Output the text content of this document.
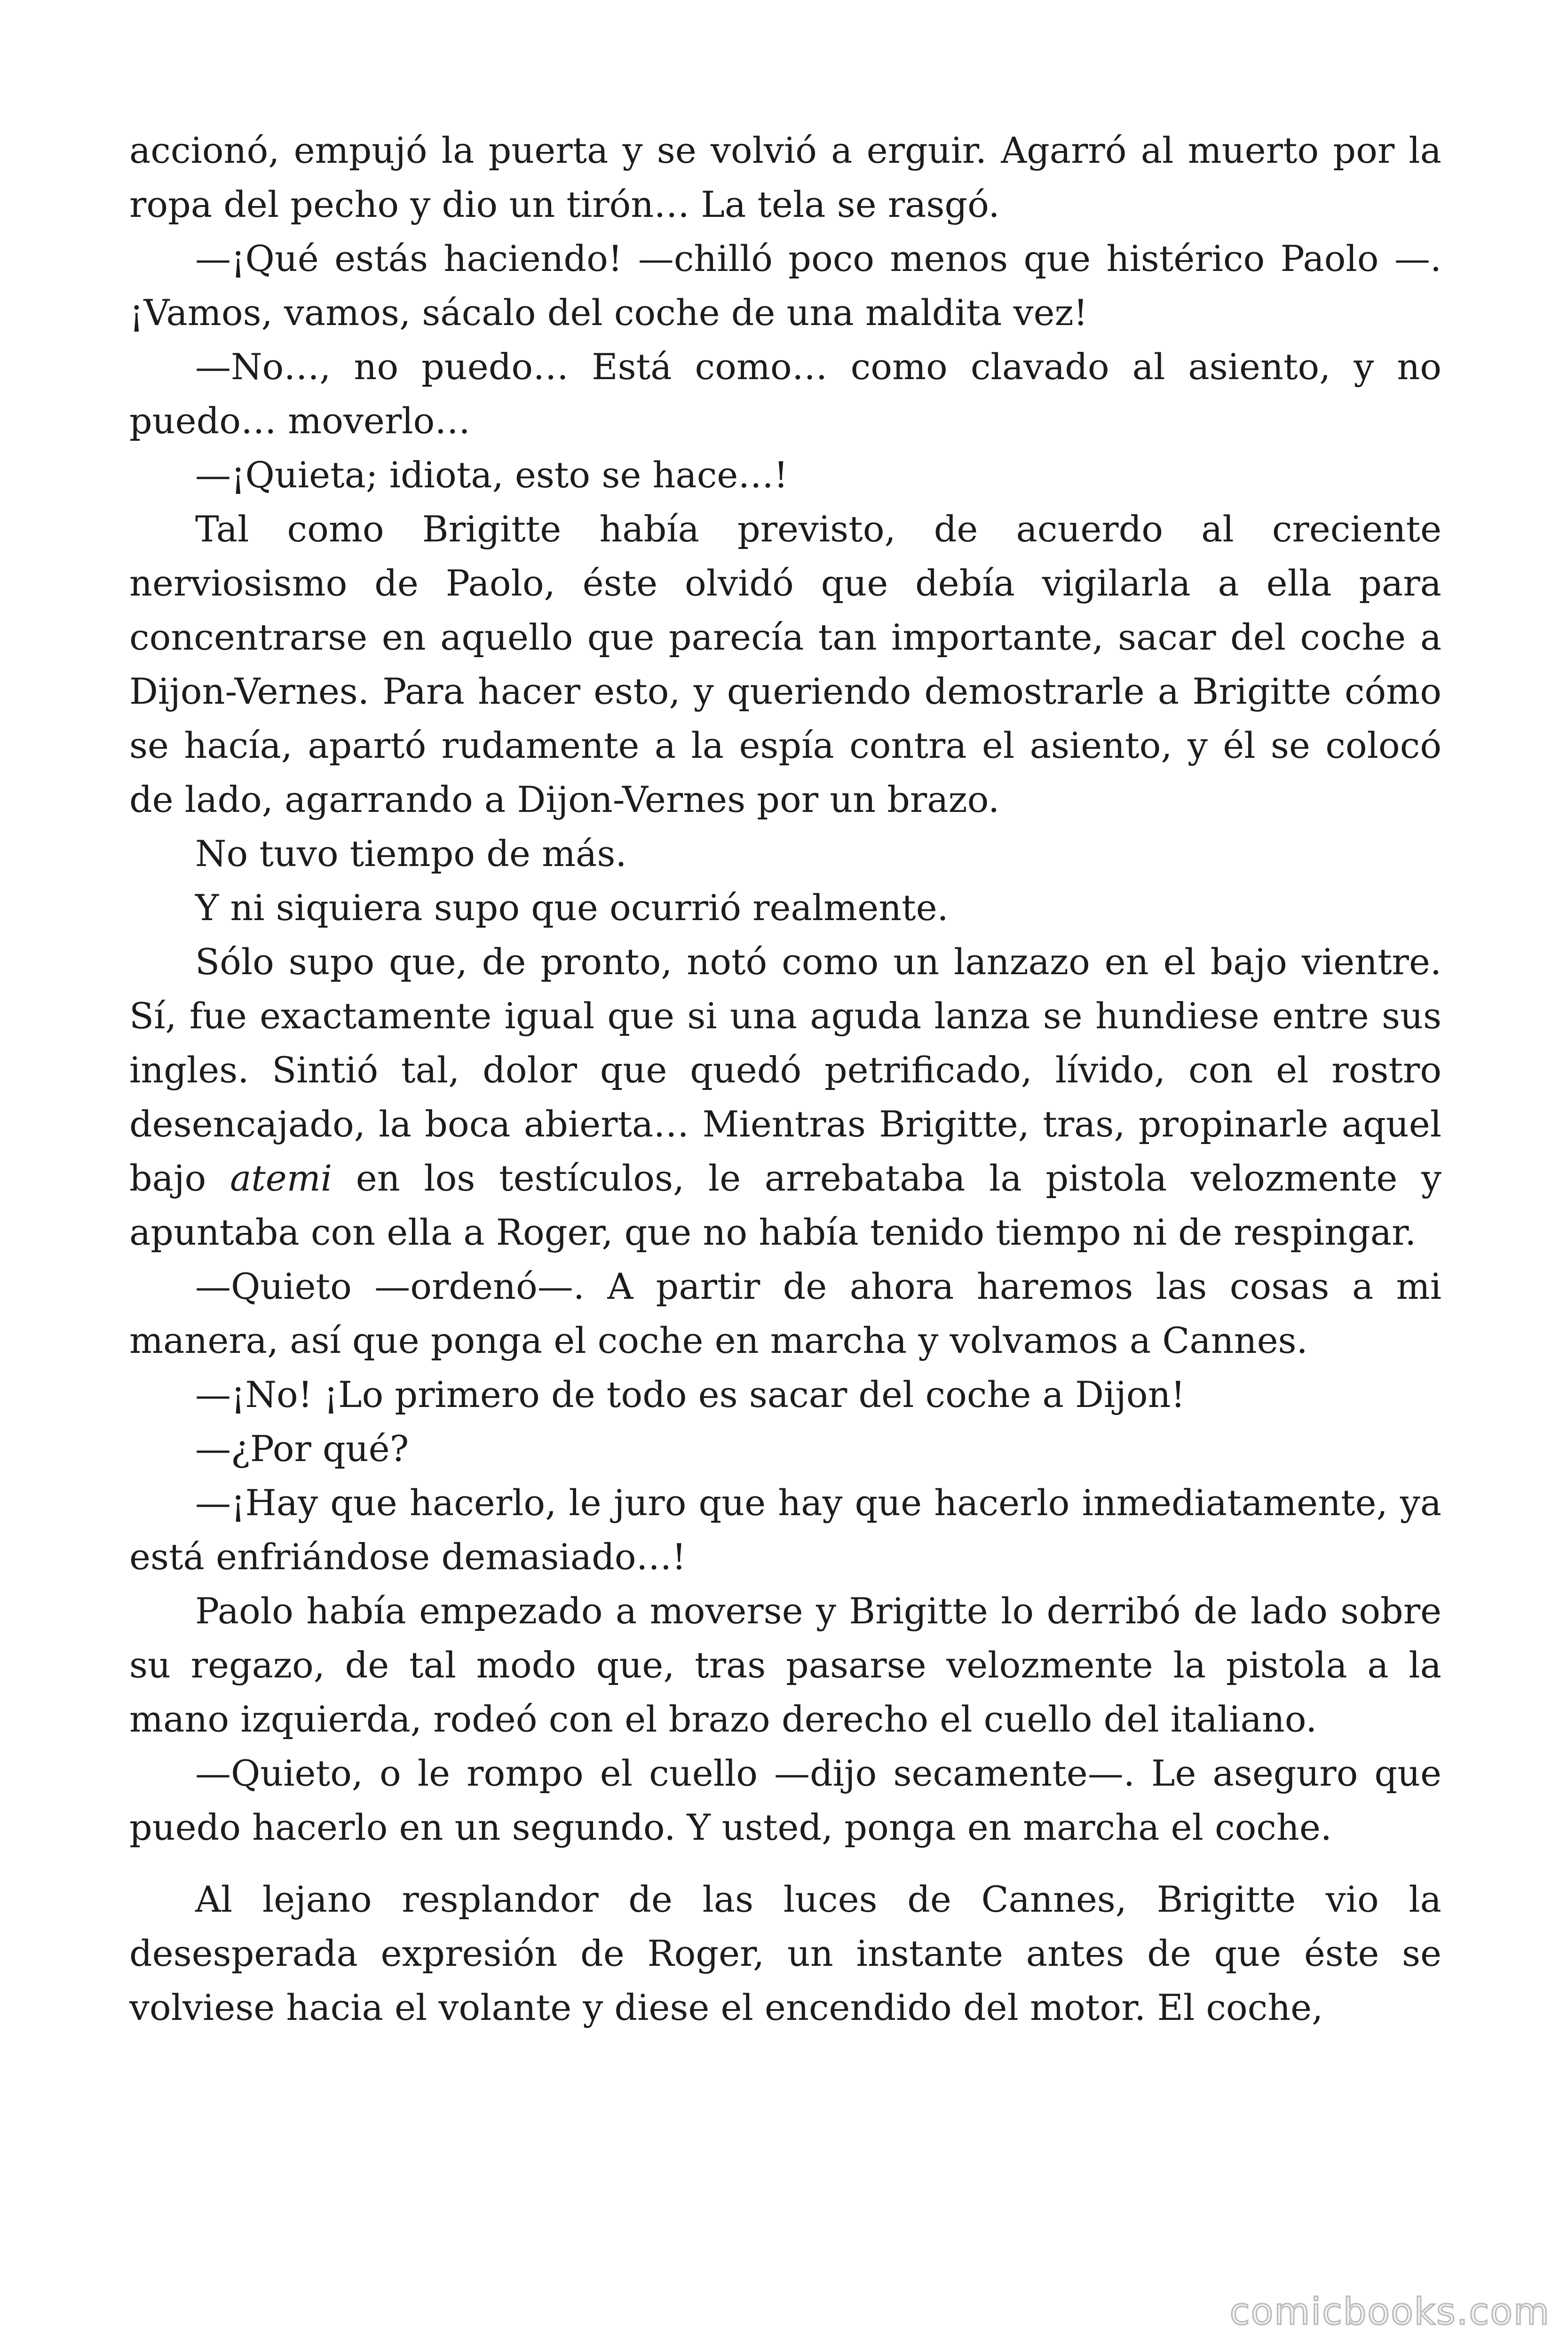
accionó, empujó la puerta y se volvió a erguir. Agarró al muerto por la ropa del pecho y dio un tirón… La tela se rasgó.

—¡Qué estás haciendo! —chilló poco menos que histérico Paolo —. ¡Vamos, vamos, sácalo del coche de una maldita vez!

—No…, no puedo… Está como… como clavado al asiento, y no puedo… moverlo…

—¡Quieta; idiota, esto se hace…!

Tal como Brigitte había previsto, de acuerdo al creciente nerviosismo de Paolo, éste olvidó que debía vigilarla a ella para concentrarse en aquello que parecía tan importante, sacar del coche a Dijon-Vernes. Para hacer esto, y queriendo demostrarle a Brigitte cómo se hacía, apartó rudamente a la espía contra el asiento, y él se colocó de lado, agarrando a Dijon-Vernes por un brazo.

No tuvo tiempo de más.

Y ni siquiera supo que ocurrió realmente.

Sólo supo que, de pronto, notó como un lanzazo en el bajo vientre. Sí, fue exactamente igual que si una aguda lanza se hundiese entre sus ingles. Sintió tal, dolor que quedó petrificado, lívido, con el rostro desencajado, la boca abierta… Mientras Brigitte, tras, propinarle aquel bajo atemi en los testículos, le arrebataba la pistola velozmente y apuntaba con ella a Roger, que no había tenido tiempo ni de respingar.

—Quieto —ordenó—. A partir de ahora haremos las cosas a mi manera, así que ponga el coche en marcha y volvamos a Cannes.

—¡No! ¡Lo primero de todo es sacar del coche a Dijon!

—¿Por qué?

—¡Hay que hacerlo, le juro que hay que hacerlo inmediatamente, ya está enfriándose demasiado…!

Paolo había empezado a moverse y Brigitte lo derribó de lado sobre su regazo, de tal modo que, tras pasarse velozmente la pistola a la mano izquierda, rodeó con el brazo derecho el cuello del italiano.

—Quieto, o le rompo el cuello —dijo secamente—. Le aseguro que puedo hacerlo en un segundo. Y usted, ponga en marcha el coche.

Al lejano resplandor de las luces de Cannes, Brigitte vio la desesperada expresión de Roger, un instante antes de que éste se volviese hacia el volante y diese el encendido del motor. El coche,

comicbooks.com
